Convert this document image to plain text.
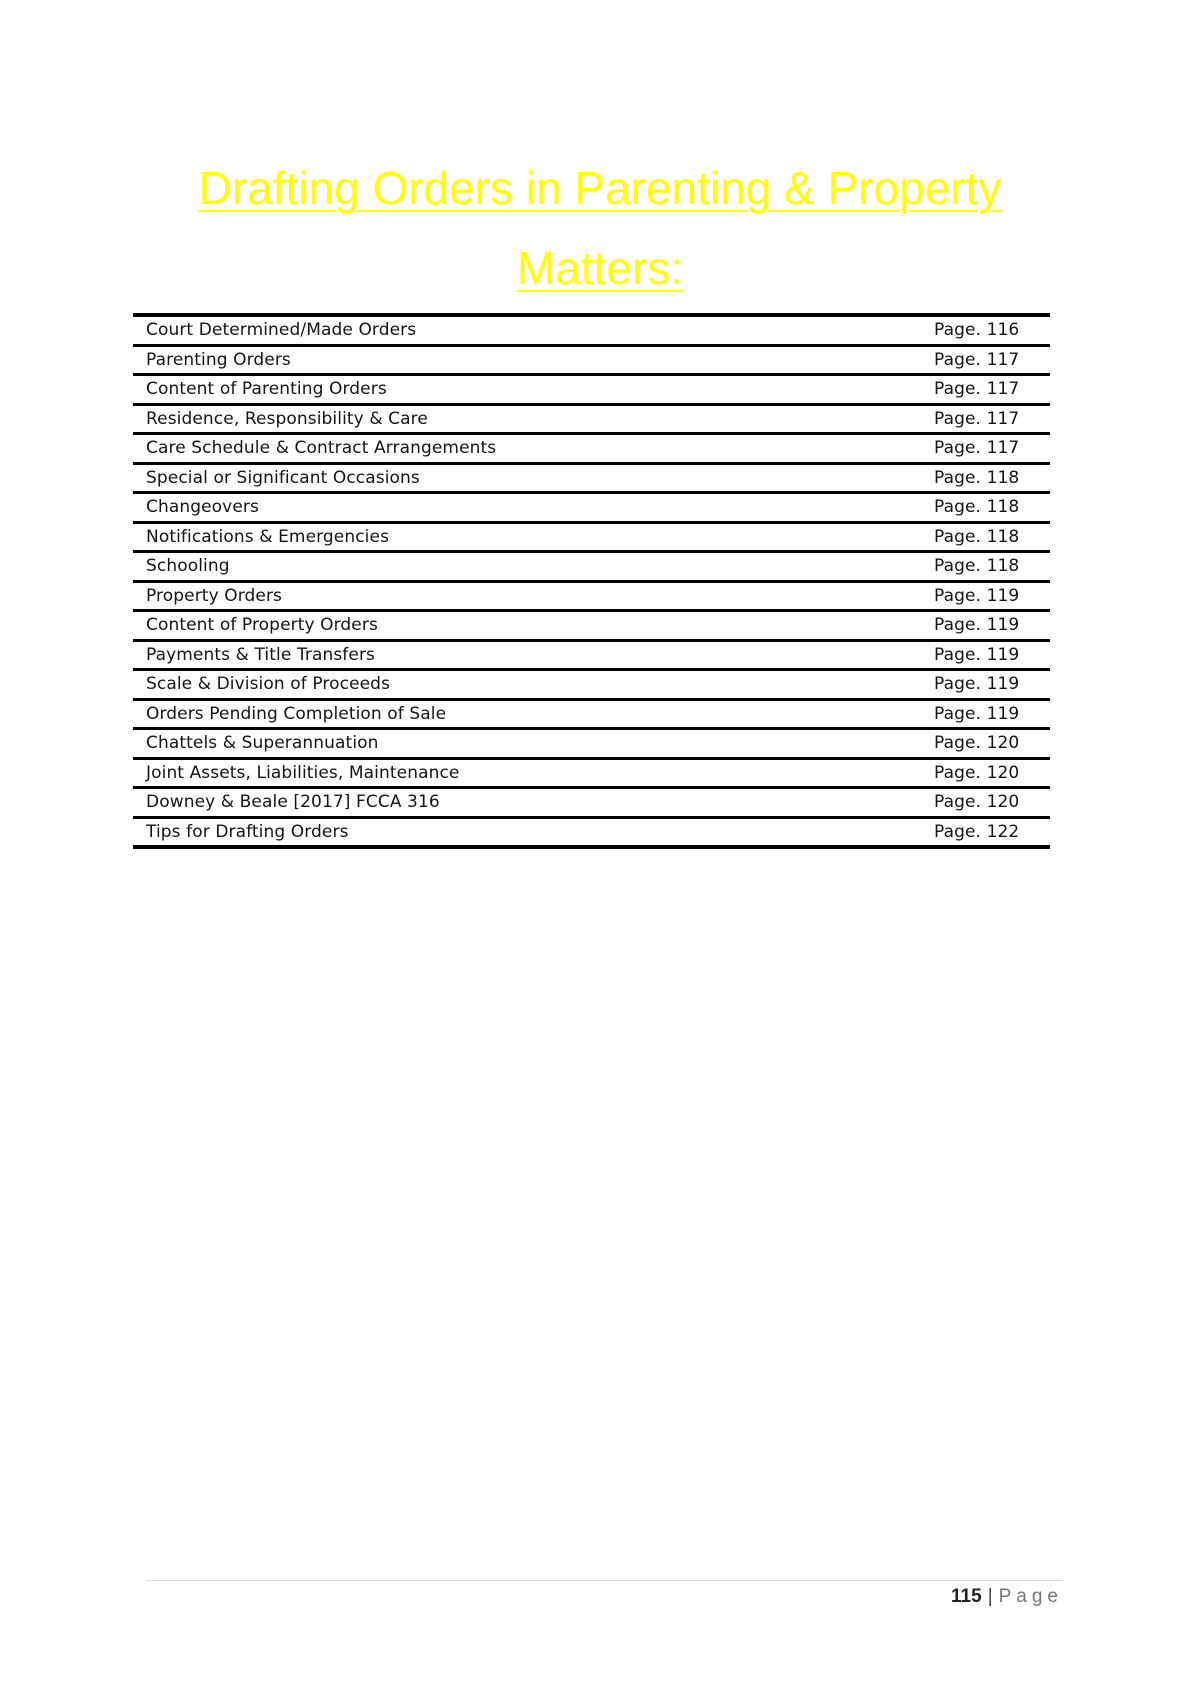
Drafting Orders in Parenting & Property
Matters:
Court Determined/Made Orders	Page. 116
Parenting Orders	Page. 117
Content of Parenting Orders	Page. 117
Residence, Responsibility & Care	Page. 117
Care Schedule & Contract Arrangements	Page. 117
Special or Significant Occasions	Page. 118
Changeovers	Page. 118
Notifications & Emergencies	Page. 118
Schooling	Page. 118
Property Orders	Page. 119
Content of Property Orders	Page. 119
Payments & Title Transfers	Page. 119
Scale & Division of Proceeds	Page. 119
Orders Pending Completion of Sale	Page. 119
Chattels & Superannuation	Page. 120
Joint Assets, Liabilities, Maintenance	Page. 120
Downey & Beale [2017] FCCA 316	Page. 120
Tips for Drafting Orders	Page. 122
115 | Page
